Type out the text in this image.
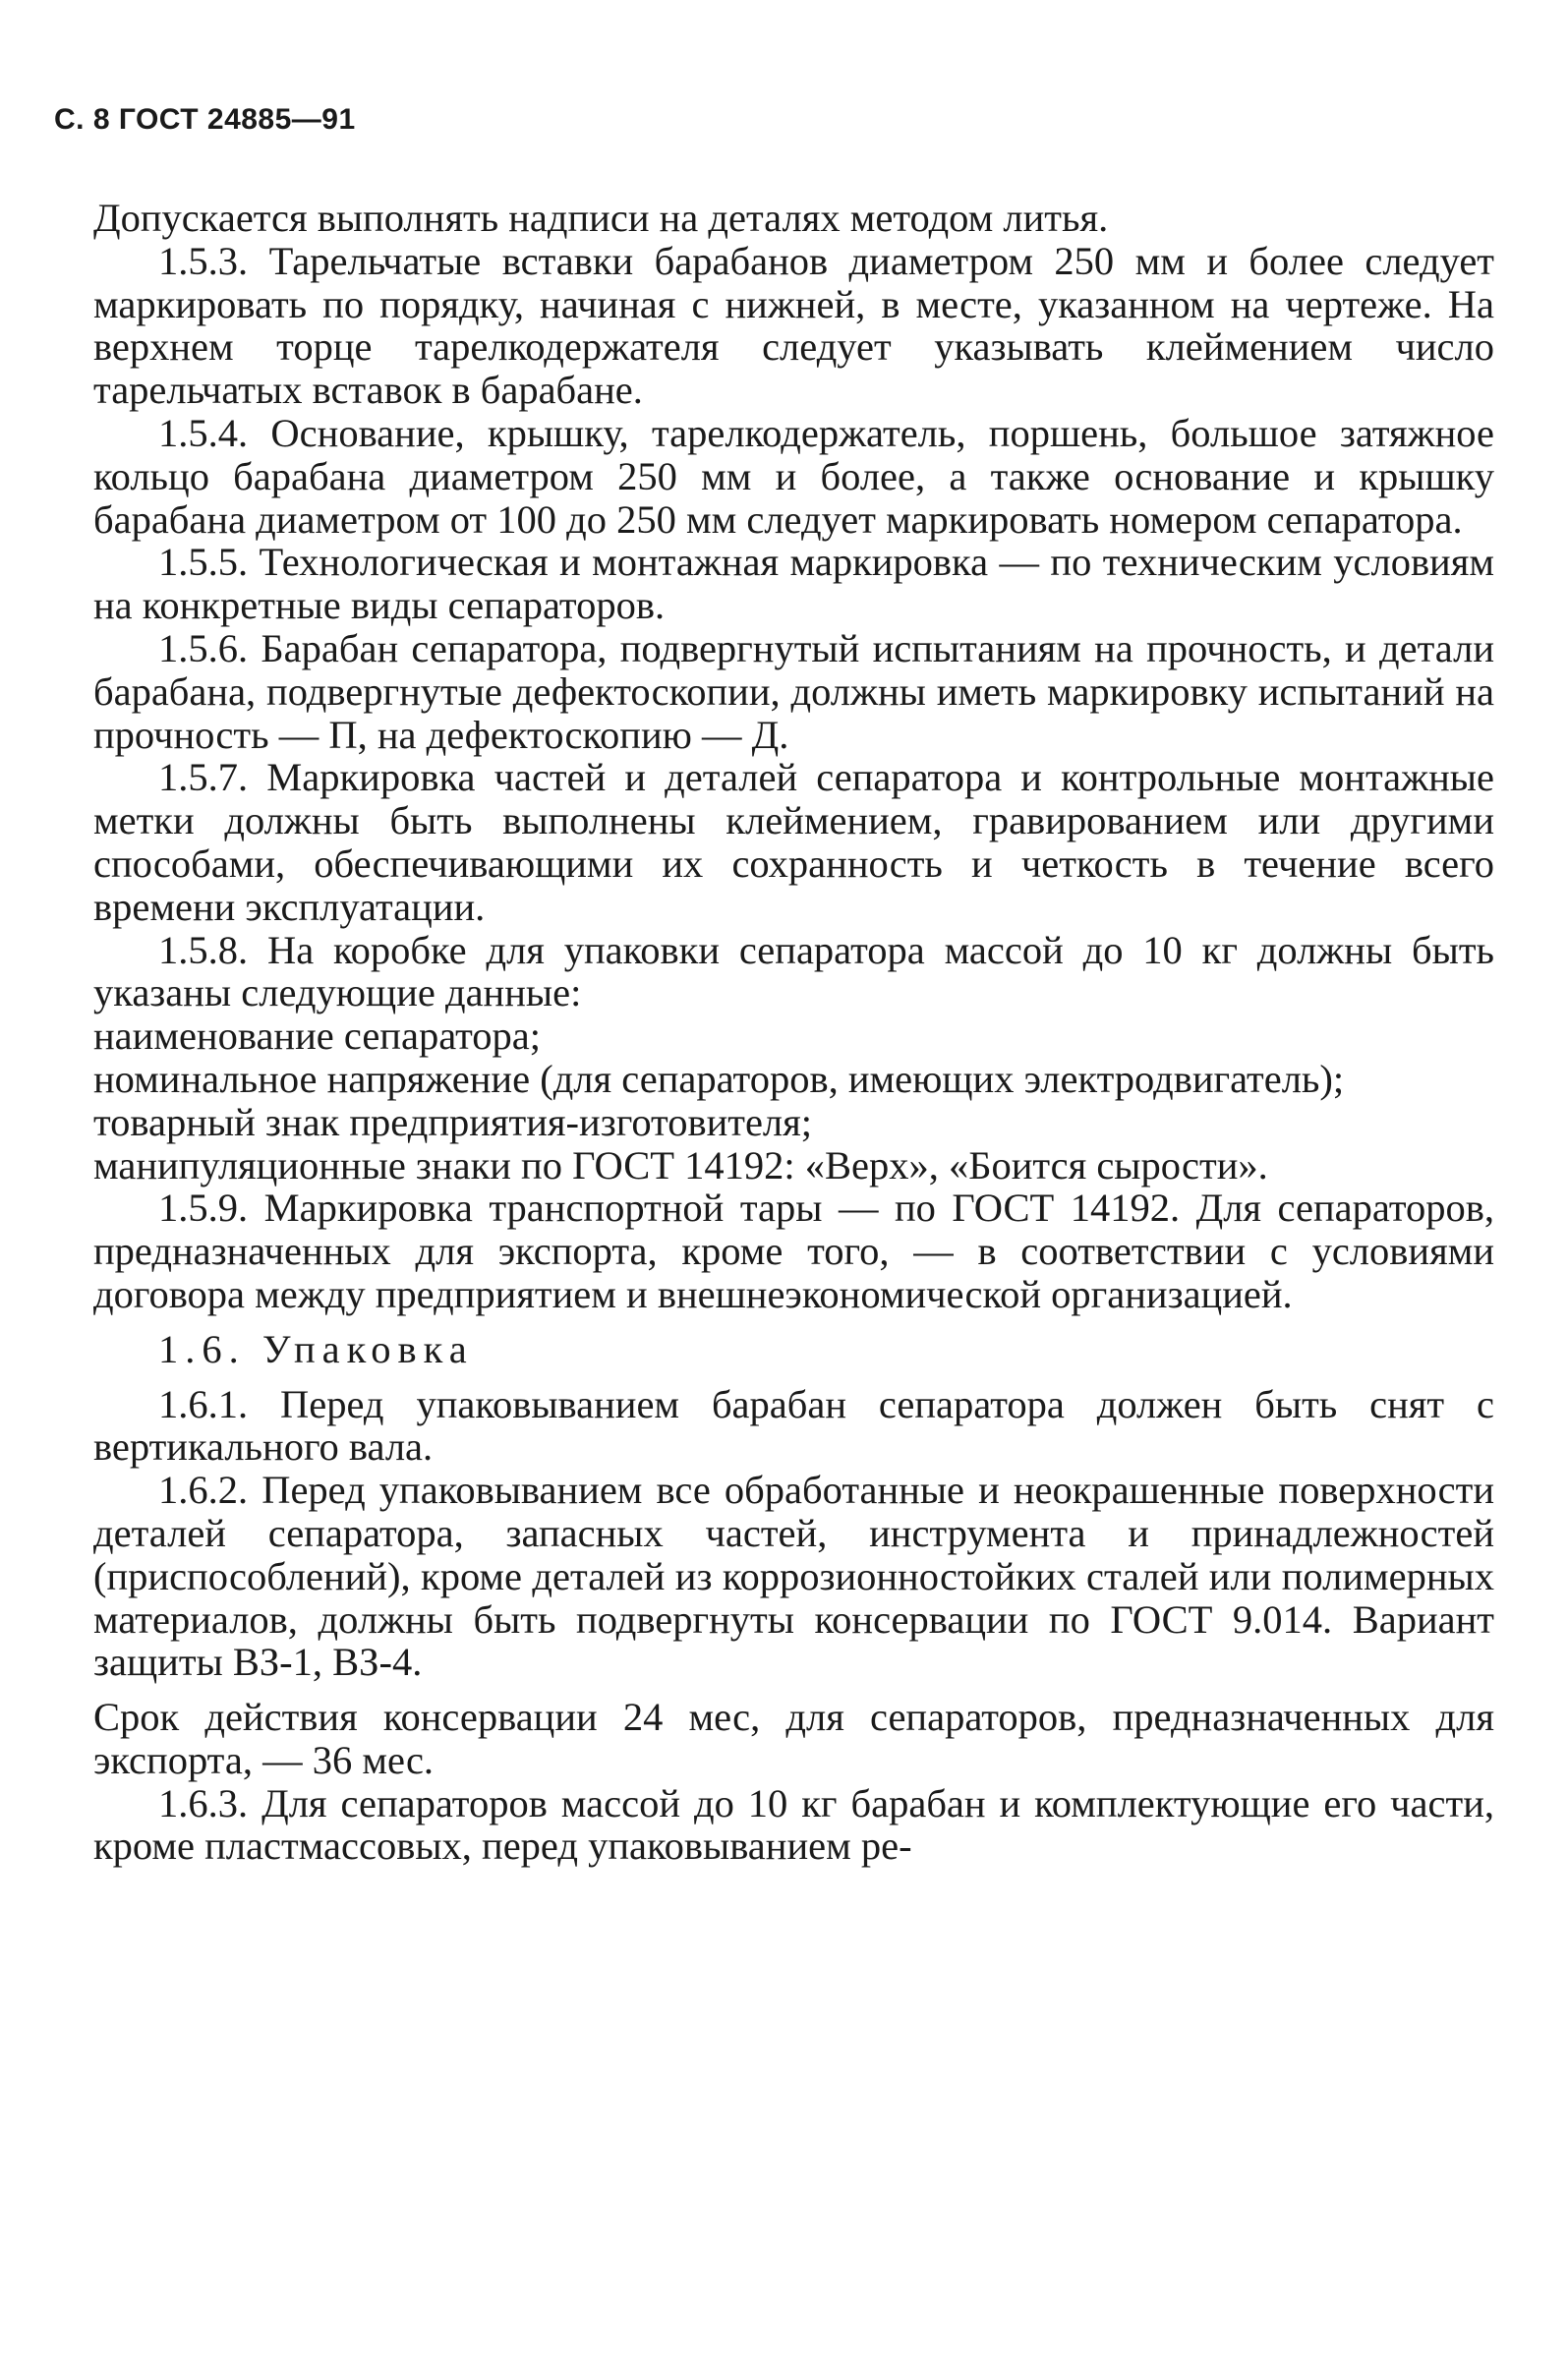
С. 8 ГОСТ 24885—91

Допускается выполнять надписи на деталях методом литья.

1.5.3. Тарельчатые вставки барабанов диаметром 250 мм и более следует маркировать по порядку, начиная с нижней, в месте, указанном на чертеже. На верхнем торце тарелкодержателя следует указывать клеймением число тарельчатых вставок в барабане.

1.5.4. Основание, крышку, тарелкодержатель, поршень, большое затяжное кольцо барабана диаметром 250 мм и более, а также основание и крышку барабана диаметром от 100 до 250 мм следует маркировать номером сепаратора.

1.5.5. Технологическая и монтажная маркировка — по техническим условиям на конкретные виды сепараторов.

1.5.6. Барабан сепаратора, подвергнутый испытаниям на прочность, и детали барабана, подвергнутые дефектоскопии, должны иметь маркировку испытаний на прочность — П, на дефектоскопию — Д.

1.5.7. Маркировка частей и деталей сепаратора и контрольные монтажные метки должны быть выполнены клеймением, гравированием или другими способами, обеспечивающими их сохранность и четкость в течение всего времени эксплуатации.

1.5.8. На коробке для упаковки сепаратора массой до 10 кг должны быть указаны следующие данные:

наименование сепаратора;

номинальное напряжение (для сепараторов, имеющих электродвигатель);

товарный знак предприятия-изготовителя;

манипуляционные знаки по ГОСТ 14192: «Верх», «Боится сырости».

1.5.9. Маркировка транспортной тары — по ГОСТ 14192. Для сепараторов, предназначенных для экспорта, кроме того, — в соответствии с условиями договора между предприятием и внешнеэкономической организацией.

1.6. Упаковка

1.6.1. Перед упаковыванием барабан сепаратора должен быть снят с вертикального вала.

1.6.2. Перед упаковыванием все обработанные и неокрашенные поверхности деталей сепаратора, запасных частей, инструмента и принадлежностей (приспособлений), кроме деталей из коррозионностойких сталей или полимерных материалов, должны быть подвергнуты консервации по ГОСТ 9.014. Вариант защиты ВЗ-1, ВЗ-4.

Срок действия консервации 24 мес, для сепараторов, предназначенных для экспорта, — 36 мес.

1.6.3. Для сепараторов массой до 10 кг барабан и комплектующие его части, кроме пластмассовых, перед упаковыванием ре-
